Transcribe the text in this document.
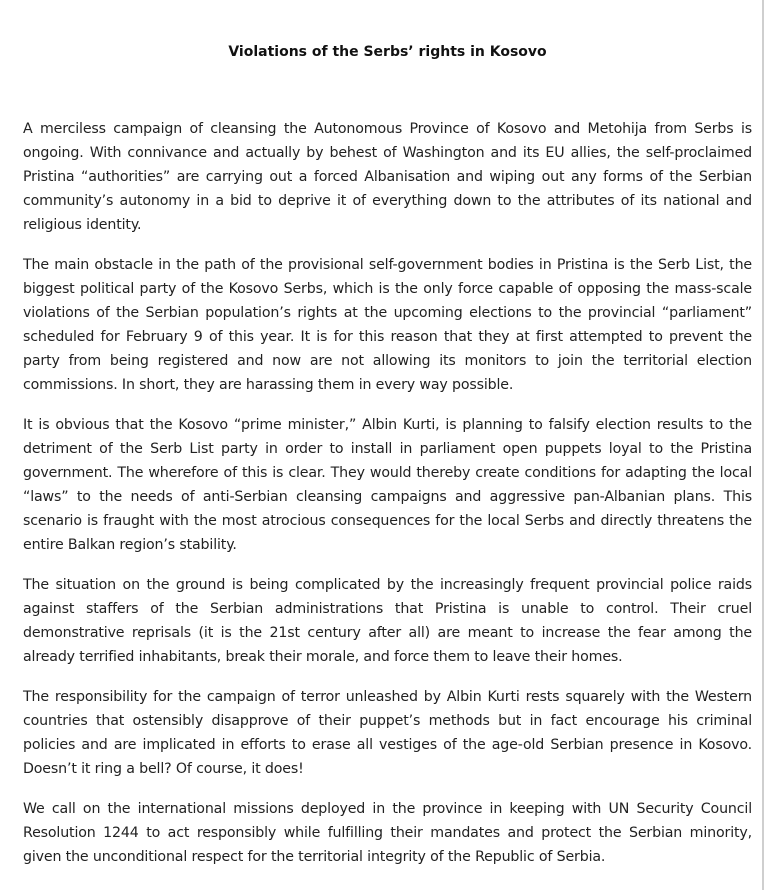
Violations of the Serbs’ rights in Kosovo

A merciless campaign of cleansing the Autonomous Province of Kosovo and Metohija from Serbs is ongoing. With connivance and actually by behest of Washington and its EU allies, the self-proclaimed Pristina “authorities” are carrying out a forced Albanisation and wiping out any forms of the Serbian community’s autonomy in a bid to deprive it of everything down to the attributes of its national and religious identity.

The main obstacle in the path of the provisional self-government bodies in Pristina is the Serb List, the biggest political party of the Kosovo Serbs, which is the only force capable of opposing the mass-scale violations of the Serbian population’s rights at the upcoming elections to the provincial “parliament” scheduled for February 9 of this year. It is for this reason that they at first attempted to prevent the party from being registered and now are not allowing its monitors to join the territorial election commissions. In short, they are harassing them in every way possible.

It is obvious that the Kosovo “prime minister,” Albin Kurti, is planning to falsify election results to the detriment of the Serb List party in order to install in parliament open puppets loyal to the Pristina government. The wherefore of this is clear. They would thereby create conditions for adapting the local “laws” to the needs of anti-Serbian cleansing campaigns and aggressive pan-Albanian plans. This scenario is fraught with the most atrocious consequences for the local Serbs and directly threatens the entire Balkan region’s stability.

The situation on the ground is being complicated by the increasingly frequent provincial police raids against staffers of the Serbian administrations that Pristina is unable to control. Their cruel demonstrative reprisals (it is the 21st century after all) are meant to increase the fear among the already terrified inhabitants, break their morale, and force them to leave their homes.

The responsibility for the campaign of terror unleashed by Albin Kurti rests squarely with the Western countries that ostensibly disapprove of their puppet’s methods but in fact encourage his criminal policies and are implicated in efforts to erase all vestiges of the age-old Serbian presence in Kosovo. Doesn’t it ring a bell? Of course, it does!

We call on the international missions deployed in the province in keeping with UN Security Council Resolution 1244 to act responsibly while fulfilling their mandates and protect the Serbian minority, given the unconditional respect for the territorial integrity of the Republic of Serbia.
